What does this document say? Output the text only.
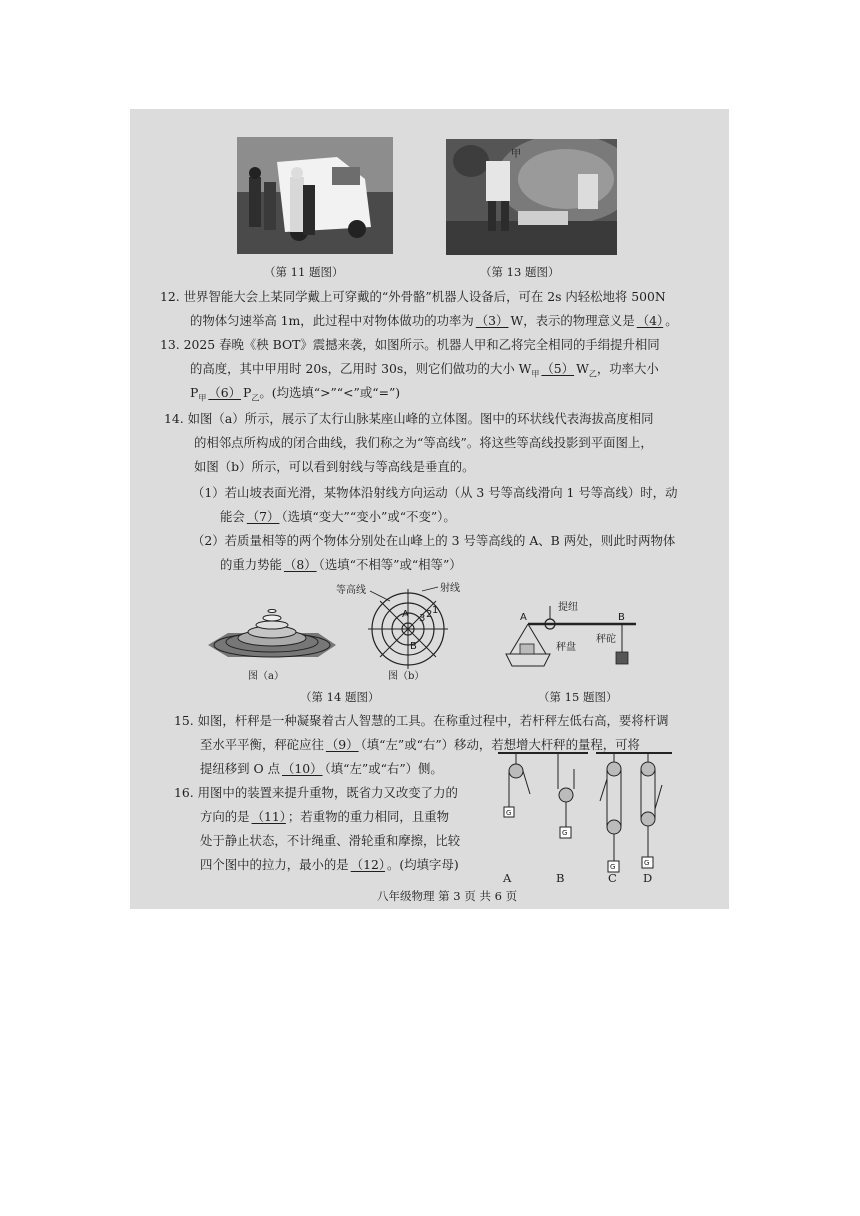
（第 11 题图）
甲
（第 13 题图）
12. 世界智能大会上某同学戴上可穿戴的“外骨骼”机器人设备后，可在 2s 内轻松地将 500N
的物体匀速举高 1m，此过程中对物体做功的功率为 （3） W，表示的物理意义是 （4） 。
13. 2025 春晚《秧 BOT》震撼来袭，如图所示。机器人甲和乙将完全相同的手绢提升相同
的高度，其中甲用时 20s，乙用时 30s，则它们做功的大小 $W_甲$ （5） $W_乙$，功率大小
$P_甲$ （6） $P_乙$。(均选填“>”“<”或“=”)
14. 如图（a）所示，展示了太行山脉某座山峰的立体图。图中的环状线代表海拔高度相同
的相邻点所构成的闭合曲线，我们称之为“等高线”。将这些等高线投影到平面图上，
如图（b）所示，可以看到射线与等高线是垂直的。
（1）若山坡表面光滑，某物体沿射线方向运动（从 3 号等高线滑向 1 号等高线）时，动
能会 （7） （选填“变大”“变小”或“不变”）。
（2）若质量相等的两个物体分别处在山峰上的 3 号等高线的 A、B 两处，则此时两物体
的重力势能 （8） （选填“不相等”或“相等”）
图（a）
等高线	射线
A
B
1
2
3
图（b）
（第 14 题图）
A	B
提纽
秤砣
秤盘
（第 15 题图）
15. 如图，杆秤是一种凝聚着古人智慧的工具。在称重过程中，若杆秤左低右高，要将杆调
至水平平衡，秤砣应往 （9） （填“左”或“右”）移动，若想增大杆秤的量程，可将
提纽移到 O 点 （10） （填“左”或“右”）侧。
16. 用图中的装置来提升重物，既省力又改变了力的
方向的是 （11） ；若重物的重力相同，且重物
处于静止状态，不计绳重、滑轮重和摩擦，比较
四个图中的拉力，最小的是 （12） 。(均填字母)
G
G
G	G
A	B	C D
八年级物理 第 3 页 共 6 页
